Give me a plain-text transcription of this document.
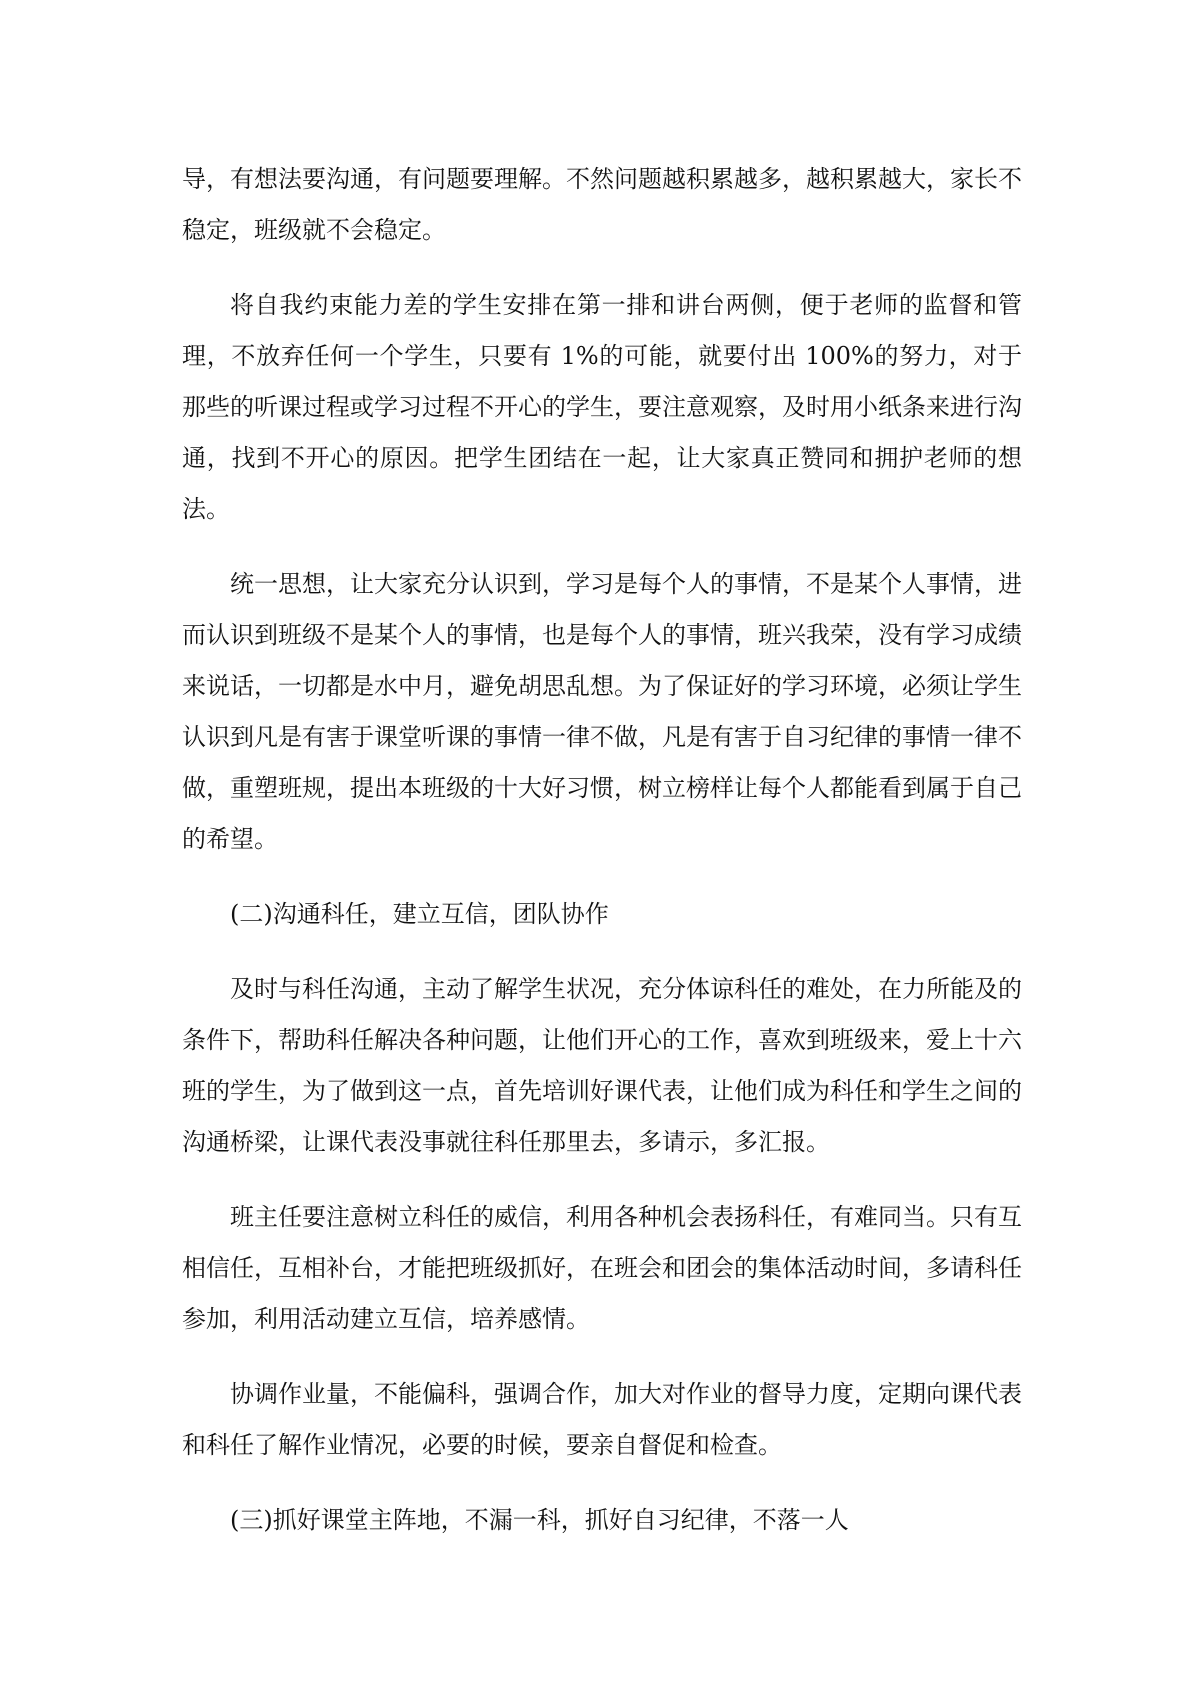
导，有想法要沟通，有问题要理解。不然问题越积累越多，越积累越大，家长不稳定，班级就不会稳定。

将自我约束能力差的学生安排在第一排和讲台两侧，便于老师的监督和管理，不放弃任何一个学生，只要有 1%的可能，就要付出 100%的努力，对于那些的听课过程或学习过程不开心的学生，要注意观察，及时用小纸条来进行沟通，找到不开心的原因。把学生团结在一起，让大家真正赞同和拥护老师的想法。

统一思想，让大家充分认识到，学习是每个人的事情，不是某个人事情，进而认识到班级不是某个人的事情，也是每个人的事情，班兴我荣，没有学习成绩来说话，一切都是水中月，避免胡思乱想。为了保证好的学习环境，必须让学生认识到凡是有害于课堂听课的事情一律不做，凡是有害于自习纪律的事情一律不做，重塑班规，提出本班级的十大好习惯，树立榜样让每个人都能看到属于自己的希望。

(二)沟通科任，建立互信，团队协作

及时与科任沟通，主动了解学生状况，充分体谅科任的难处，在力所能及的条件下，帮助科任解决各种问题，让他们开心的工作，喜欢到班级来，爱上十六班的学生，为了做到这一点，首先培训好课代表，让他们成为科任和学生之间的沟通桥梁，让课代表没事就往科任那里去，多请示，多汇报。

班主任要注意树立科任的威信，利用各种机会表扬科任，有难同当。只有互相信任，互相补台，才能把班级抓好，在班会和团会的集体活动时间，多请科任参加，利用活动建立互信，培养感情。

协调作业量，不能偏科，强调合作，加大对作业的督导力度，定期向课代表和科任了解作业情况，必要的时候，要亲自督促和检查。

(三)抓好课堂主阵地，不漏一科，抓好自习纪律，不落一人
